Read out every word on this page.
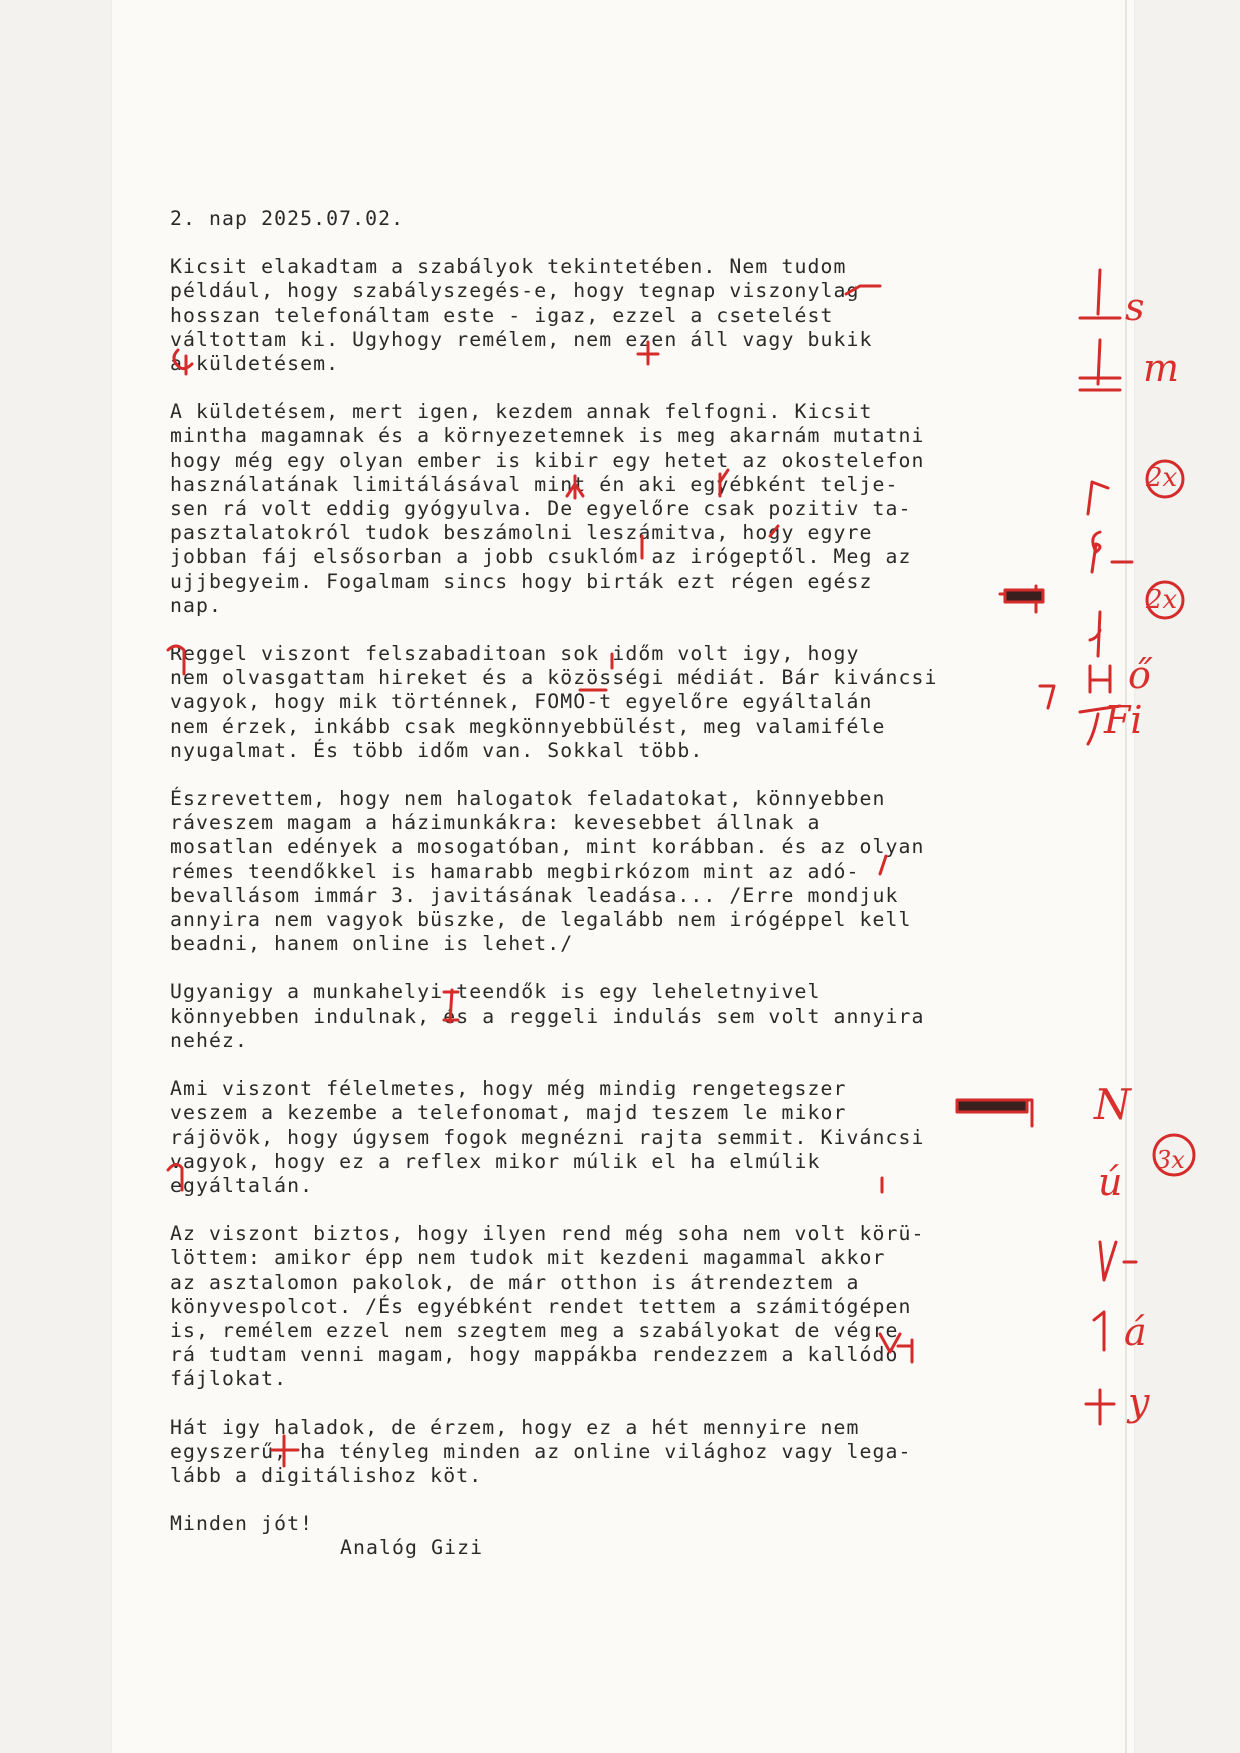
2. nap 2025.07.02.

Kicsit elakadtam a szabályok tekintetében. Nem tudom

például, hogy szabályszegés-e, hogy tegnap viszonylag

hosszan telefonáltam este - igaz, ezzel a csetelést

váltottam ki. Ugyhogy remélem, nem ezen áll vagy bukik

a küldetésem.

A küldetésem, mert igen, kezdem annak felfogni. Kicsit

mintha magamnak és a környezetemnek is meg akarnám mutatni

hogy még egy olyan ember is kibir egy hetet az okostelefon

használatának limitálásával mint én aki egyébként telje-

sen rá volt eddig gyógyulva. De egyelőre csak pozitiv ta-

pasztalatokról tudok beszámolni leszámitva, hogy egyre

jobban fáj elsősorban a jobb csuklóm az irógeptől. Meg az

ujjbegyeim. Fogalmam sincs hogy birták ezt régen egész

nap.

Reggel viszont felszabaditoan sok időm volt igy, hogy

nem olvasgattam hireket és a közösségi médiát. Bár kiváncsi

vagyok, hogy mik történnek, FOMO-t egyelőre egyáltalán

nem érzek, inkább csak megkönnyebbülést, meg valamiféle

nyugalmat. És több időm van. Sokkal több.

Észrevettem, hogy nem halogatok feladatokat, könnyebben

ráveszem magam a házimunkákra: kevesebbet állnak a

mosatlan edények a mosogatóban, mint korábban. és az olyan

rémes teendőkkel is hamarabb megbirkózom mint az adó-

bevallásom immár 3. javitásának leadása... /Erre mondjuk

annyira nem vagyok büszke, de legalább nem irógéppel kell

beadni, hanem online is lehet./

Ugyanigy a munkahelyi teendők is egy leheletnyivel

könnyebben indulnak, és a reggeli indulás sem volt annyira

nehéz.

Ami viszont félelmetes, hogy még mindig rengetegszer

veszem a kezembe a telefonomat, majd teszem le mikor

rájövök, hogy úgysem fogok megnézni rajta semmit. Kiváncsi

vagyok, hogy ez a reflex mikor múlik el ha elmúlik

egyáltalán.

Az viszont biztos, hogy ilyen rend még soha nem volt körü-

löttem: amikor épp nem tudok mit kezdeni magammal akkor

az asztalomon pakolok, de már otthon is átrendeztem a

könyvespolcot. /És egyébként rendet tettem a számitógépen

is, remélem ezzel nem szegtem meg a szabályokat de végre

rá tudtam venni magam, hogy mappákba rendezzem a kallódó

fájlokat.

Hát igy haladok, de érzem, hogy ez a hét mennyire nem

egyszerű, ha tényleg minden az online világhoz vagy lega-

lább a digitálishoz köt.

Minden jót!

Analóg Gizi

s
m
2x
2x
ő
Fi
N
ú 3x
á
y
